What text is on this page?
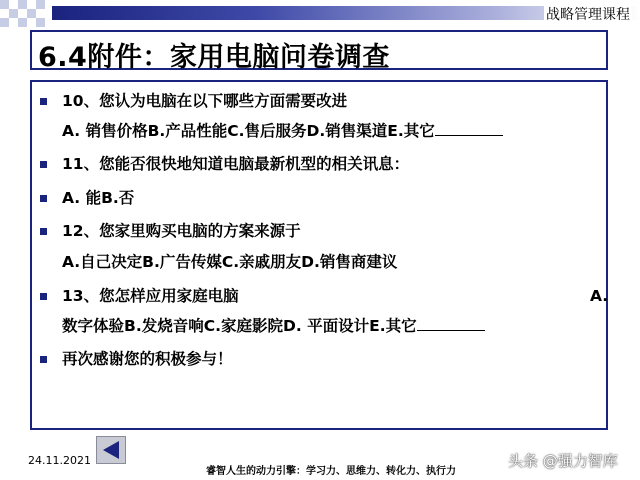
战略管理课程
6.4附件：家用电脑问卷调查
10、您认为电脑在以下哪些方面需要改进
A. 销售价格B.产品性能C.售后服务D.销售渠道E.其它
11、您能否很快地知道电脑最新机型的相关讯息：
A. 能B.否
12、您家里购买电脑的方案来源于
A.自己决定B.广告传媒C.亲戚朋友D.销售商建议
13、您怎样应用家庭电脑	A.
数字体验B.发烧音响C.家庭影院D. 平面设计E.其它
再次感谢您的积极参与！
24.11.2021
睿智人生的动力引擎：学习力、思维力、转化力、执行力
头条 @强力智库
